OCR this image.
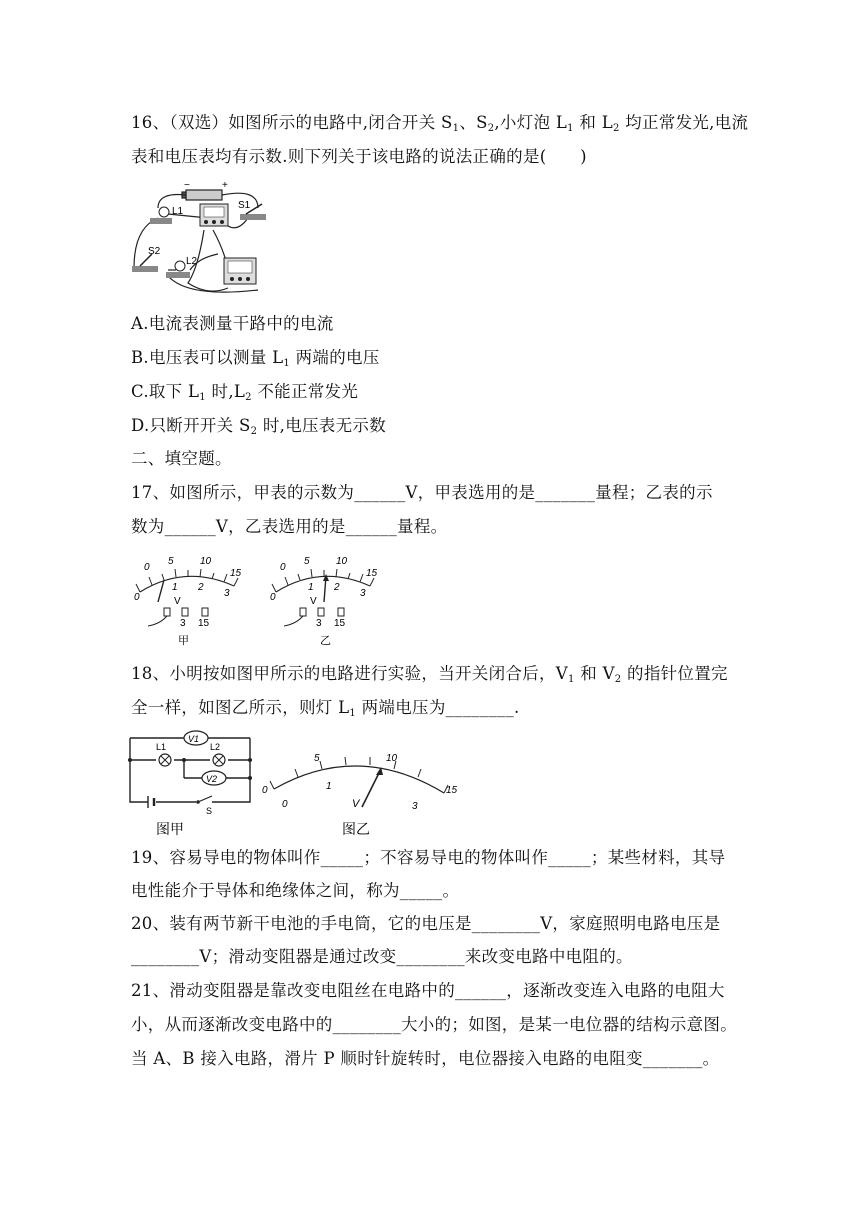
16、（双选）如图所示的电路中,闭合开关 $S_1$、$S_2$,小灯泡 $L_1$ 和 $L_2$ 均正常发光,电流
表和电压表均有示数.则下列关于该电路的说法正确的是(　　)
L1
S1
S2
L2
−	+
A.电流表测量干路中的电流
B.电压表可以测量 $L_1$ 两端的电压
C.取下 $L_1$ 时$,L_2$ 不能正常发光
D.只断开开关 $S_2$ 时,电压表无示数
二、填空题。
17、如图所示，甲表的示数为______V，甲表选用的是_______量程；乙表的示
数为______V，乙表选用的是______量程。
0
5	10
15
0
1 2
3
V
3 15
甲
0
5	10
15
0
1 2
3
V
3 15
乙
18、小明按如图甲所示的电路进行实验，当开关闭合后，$V_1$ 和 $V_2$ 的指针位置完
全一样，如图乙所示，则灯 $L_1$ 两端电压为________.
V1
V2
L1	L2
S
图甲
0
5	10
15
0
1
3
V
图乙
19、容易导电的物体叫作_____；不容易导电的物体叫作_____；某些材料，其导
电性能介于导体和绝缘体之间，称为_____。
20、装有两节新干电池的手电筒，它的电压是________V，家庭照明电路电压是
________V；滑动变阻器是通过改变________来改变电路中电阻的。
21、滑动变阻器是靠改变电阻丝在电路中的______，逐渐改变连入电路的电阻大
小，从而逐渐改变电路中的________大小的；如图，是某一电位器的结构示意图。
当 A、B 接入电路，滑片 P 顺时针旋转时，电位器接入电路的电阻变_______。
